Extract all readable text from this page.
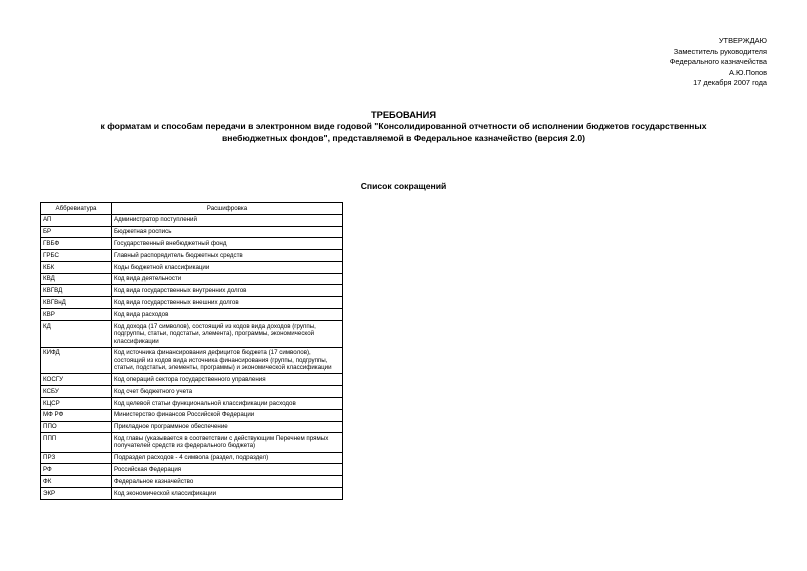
УТВЕРЖДАЮ
Заместитель руководителя
Федерального казначейства
А.Ю.Попов
17 декабря 2007 года
ТРЕБОВАНИЯ
к форматам и способам передачи в электронном виде годовой "Консолидированной отчетности об исполнении бюджетов государственных внебюджетных фондов", представляемой в Федеральное казначейство (версия 2.0)
Список сокращений
Аббревиатура	Расшифровка
АП	Администратор поступлений
БР	Бюджетная роспись
ГВБФ	Государственный внебюджетный фонд
ГРБС	Главный распорядитель бюджетных средств
КБК	Коды бюджетной классификации
КВД	Код вида деятельности
КВГВД	Код вида государственных внутренних долгов
КВГВнД	Код вида государственных внешних долгов
КВР	Код вида расходов
КД	Код дохода (17 символов), состоящий из кодов вида доходов (группы, подгруппы, статьи, подстатьи, элемента), программы, экономической классификации
КИФД	Код источника финансирования дефицитов бюджета (17 символов), состоящий из кодов вида источника финансирования (группы, подгруппы, статьи, подстатьи, элементы, программы) и экономической классификации
КОСГУ	Код операций сектора государственного управления
КСБУ	Код счет бюджетного учета
КЦСР	Код целевой статьи функциональной классификации расходов
МФ РФ	Министерство финансов Российской Федерации
ППО	Прикладное программное обеспечение
ППП	Код главы (указывается в соответствии с действующим Перечнем прямых получателей средств из федерального бюджета)
ПРЗ	Подраздел расходов - 4 символа (раздел, подраздел)
РФ	Российская Федерация
ФК	Федеральное казначейство
ЭКР	Код экономической классификации
